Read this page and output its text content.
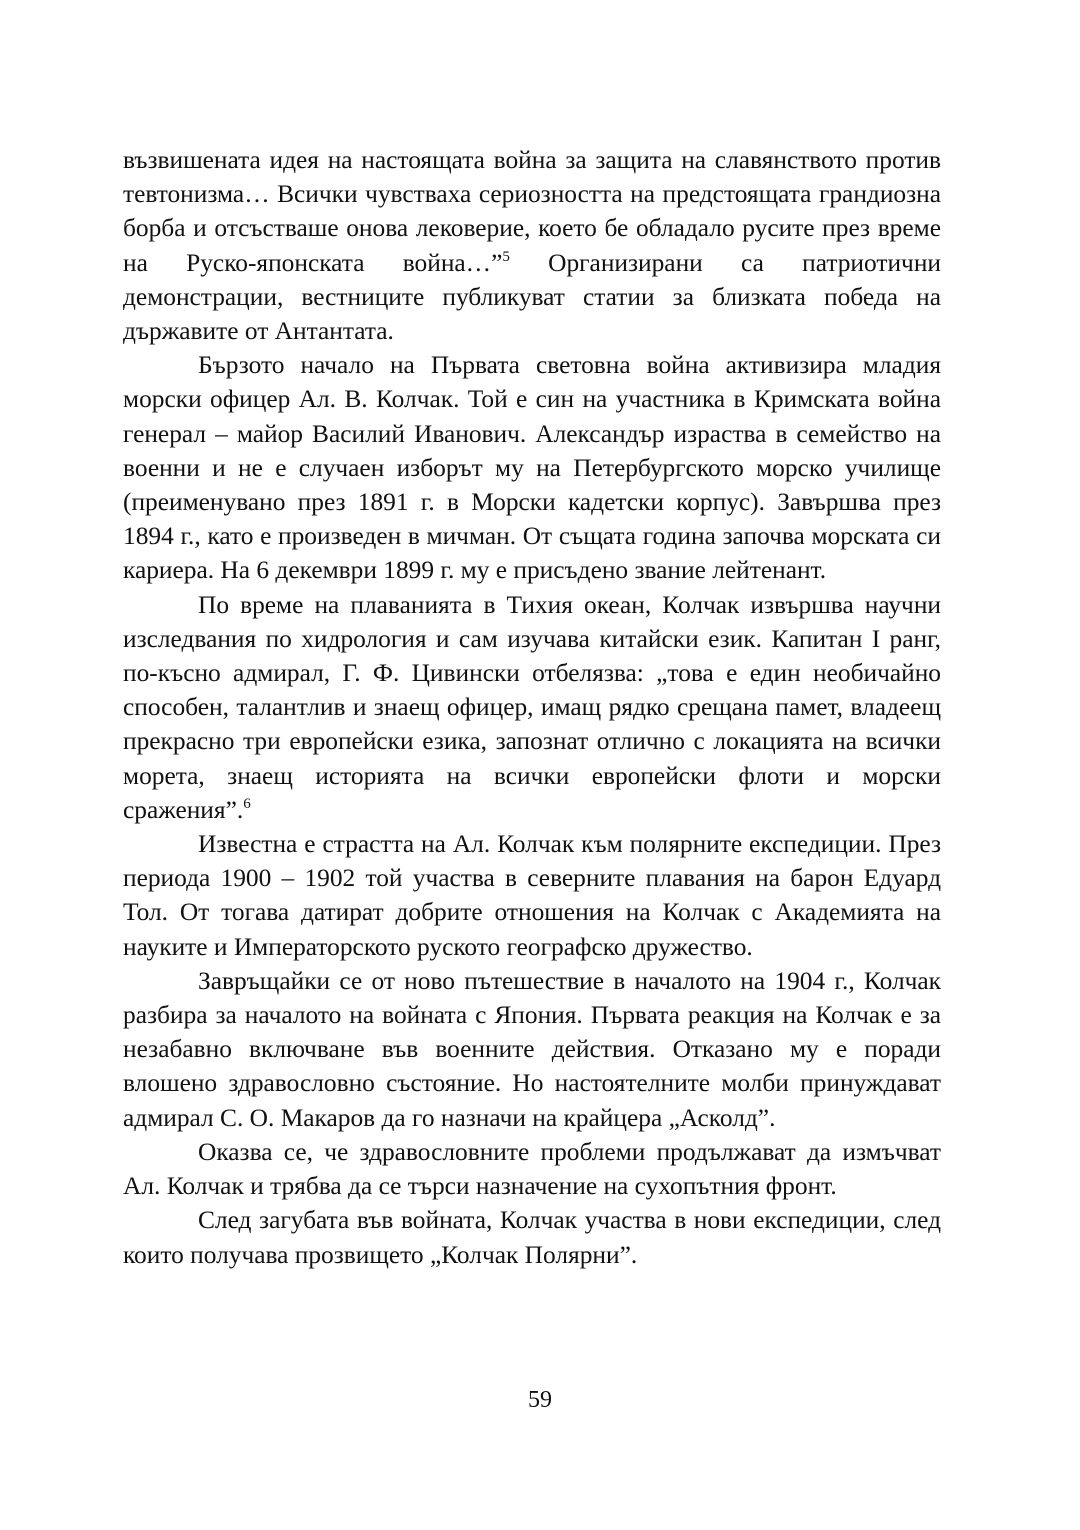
възвишената идея на настоящата война за защита на славянството против тевтонизма… Всички чувстваха сериозността на предстоящата грандиозна борба и отсъстваше онова лековерие, което бе обладало русите през време на Руско-японската война…”$^5$ Организирани са патриотични демонстрации, вестниците публикуват статии за близката победа на държавите от Антантата.

Бързото начало на Първата световна война активизира младия морски офицер Ал. В. Колчак. Той е син на участника в Кримската война генерал – майор Василий Иванович. Александър израства в семейство на военни и не е случаен изборът му на Петербургското морско училище (преименувано през 1891 г. в Морски кадетски корпус). Завършва през 1894 г., като е произведен в мичман. От същата година започва морската си кариера. На 6 декември 1899 г. му е присъдено звание лейтенант.

По време на плаванията в Тихия океан, Колчак извършва научни изследвания по хидрология и сам изучава китайски език. Капитан I ранг, по-късно адмирал, Г. Ф. Цивински отбелязва: „това е един необичайно способен, талантлив и знаещ офицер, имащ рядко срещана памет, владеещ прекрасно три европейски езика, запознат отлично с локацията на всички морета, знаещ историята на всички европейски флоти и морски сражения”.$^6$

Известна е страстта на Ал. Колчак към полярните експедиции. През периода 1900 – 1902 той участва в северните плавания на барон Едуард Тол. От тогава датират добрите отношения на Колчак с Академията на науките и Императорското руското географско дружество.

Завръщайки се от ново пътешествие в началото на 1904 г., Колчак разбира за началото на войната с Япония. Първата реакция на Колчак е за незабавно включване във военните действия. Отказано му е поради влошено здравословно състояние. Но настоятелните молби принуждават адмирал С. О. Макаров да го назначи на крайцера „Асколд”.

Оказва се, че здравословните проблеми продължават да измъчват Ал. Колчак и трябва да се търси назначение на сухопътния фронт.

След загубата във войната, Колчак участва в нови експедиции, след които получава прозвището „Колчак Полярни”.

59
